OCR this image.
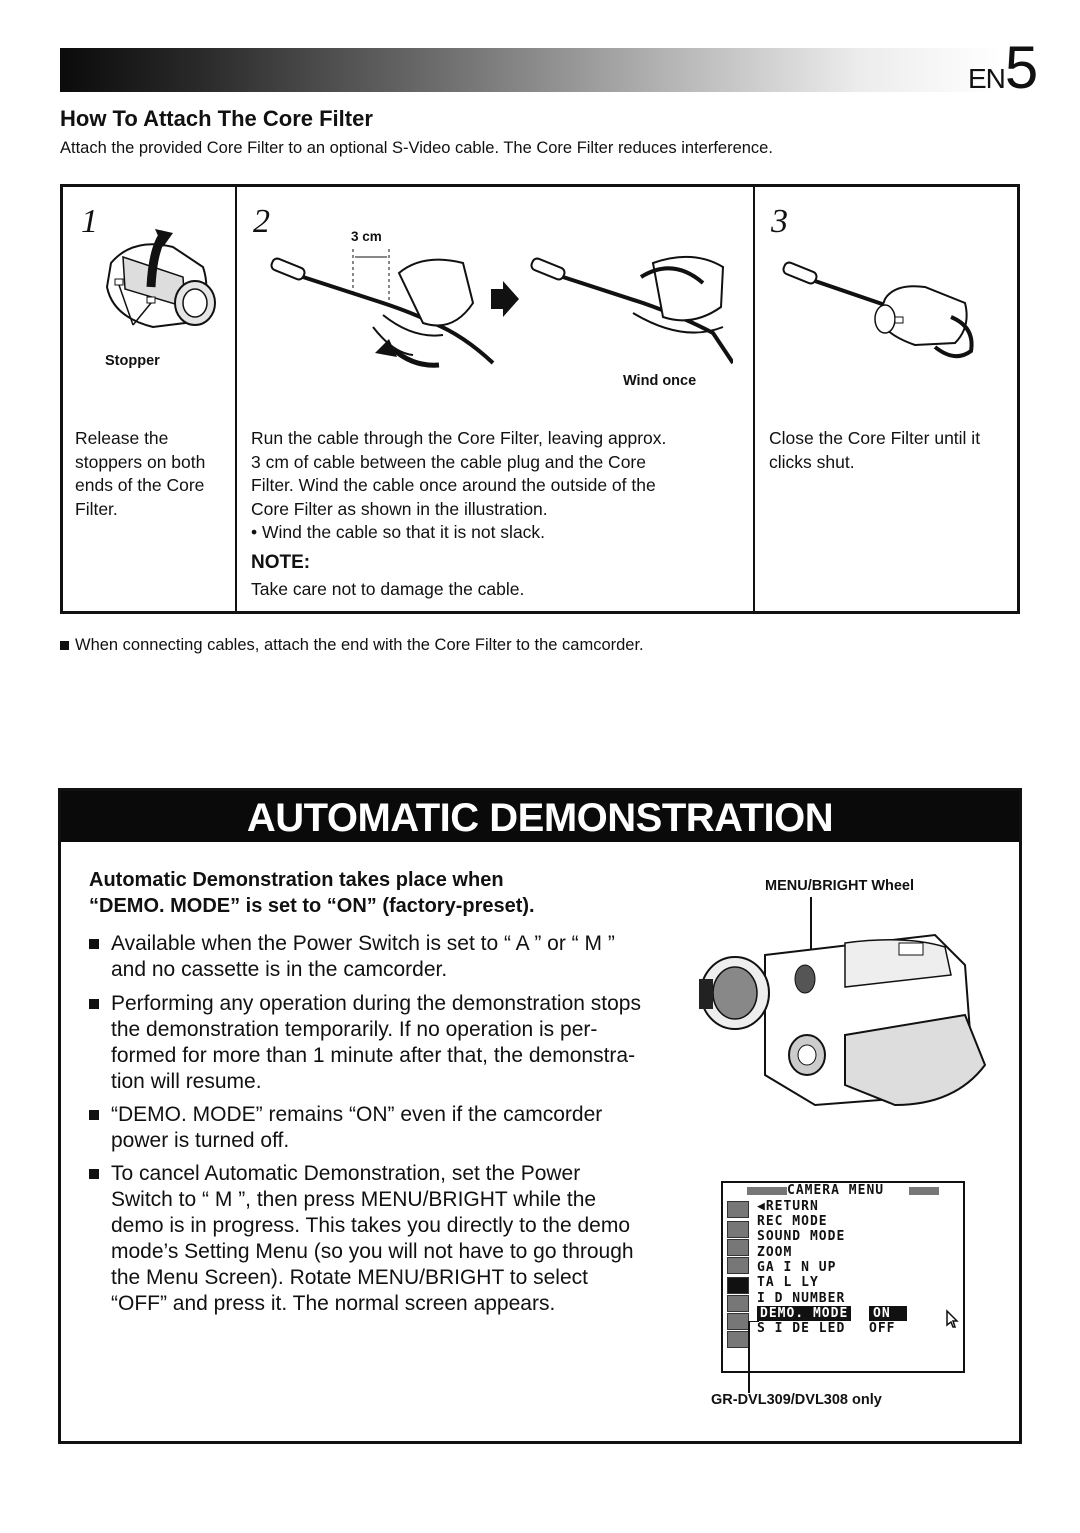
EN5
How To Attach The Core Filter
Attach the provided Core Filter to an optional S-Video cable. The Core Filter reduces interference.
1
Stopper
Release the
stoppers on both
ends of the Core
Filter.
2	3 cm
Wind once
Run the cable through the Core Filter, leaving approx.
3 cm of cable between the cable plug and the Core
Filter. Wind the cable once around the outside of the
Core Filter as shown in the illustration.
• Wind the cable so that it is not slack.
NOTE:
Take care not to damage the cable.
3
Close the Core Filter until it
clicks shut.
When connecting cables, attach the end with the Core Filter to the camcorder.
AUTOMATIC DEMONSTRATION
Automatic Demonstration takes place when
“DEMO. MODE” is set to “ON” (factory-preset).
Available when the Power Switch is set to “ A ” or “ M ”
and no cassette is in the camcorder.
Performing any operation during the demonstration stops
the demonstration temporarily. If no operation is per-
formed for more than 1 minute after that, the demonstra-
tion will resume.
“DEMO. MODE” remains “ON” even if the camcorder
power is turned off.
To cancel Automatic Demonstration, set the Power
Switch to “ M ”, then press MENU/BRIGHT while the
demo is in progress. This takes you directly to the demo
mode’s Setting Menu (so you will not have to go through
the Menu Screen). Rotate MENU/BRIGHT to select
“OFF” and press it. The normal screen appears.
MENU/BRIGHT Wheel
CAMERA MENU
◀RETURN
REC MODE
SOUND MODE
ZOOM
GA I N UP
TA L LY
I D NUMBER
DEMO. MODE	ON
S I DE LED OFF
GR-DVL309/DVL308 only
